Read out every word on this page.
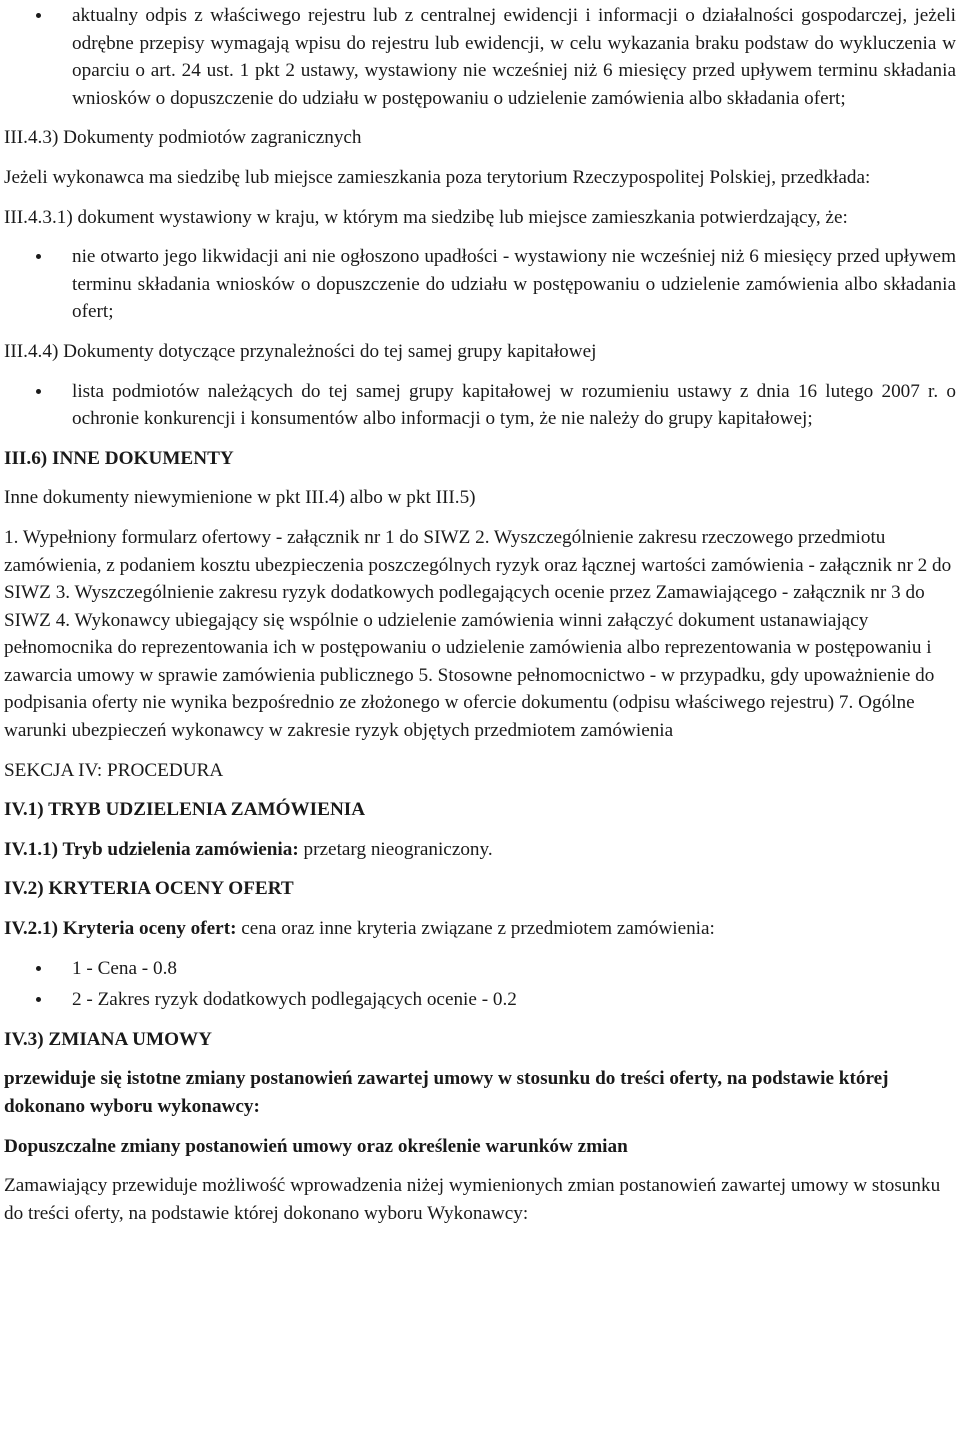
aktualny odpis z właściwego rejestru lub z centralnej ewidencji i informacji o działalności gospodarczej, jeżeli odrębne przepisy wymagają wpisu do rejestru lub ewidencji, w celu wykazania braku podstaw do wykluczenia w oparciu o art. 24 ust. 1 pkt 2 ustawy, wystawiony nie wcześniej niż 6 miesięcy przed upływem terminu składania wniosków o dopuszczenie do udziału w postępowaniu o udzielenie zamówienia albo składania ofert;

III.4.3) Dokumenty podmiotów zagranicznych

Jeżeli wykonawca ma siedzibę lub miejsce zamieszkania poza terytorium Rzeczypospolitej Polskiej, przedkłada:

III.4.3.1) dokument wystawiony w kraju, w którym ma siedzibę lub miejsce zamieszkania potwierdzający, że:

nie otwarto jego likwidacji ani nie ogłoszono upadłości - wystawiony nie wcześniej niż 6 miesięcy przed upływem terminu składania wniosków o dopuszczenie do udziału w postępowaniu o udzielenie zamówienia albo składania ofert;

III.4.4) Dokumenty dotyczące przynależności do tej samej grupy kapitałowej

lista podmiotów należących do tej samej grupy kapitałowej w rozumieniu ustawy z dnia 16 lutego 2007 r. o ochronie konkurencji i konsumentów albo informacji o tym, że nie należy do grupy kapitałowej;

III.6) INNE DOKUMENTY

Inne dokumenty niewymienione w pkt III.4) albo w pkt III.5)

1. Wypełniony formularz ofertowy - załącznik nr 1 do SIWZ 2. Wyszczególnienie zakresu rzeczowego przedmiotu zamówienia, z podaniem kosztu ubezpieczenia poszczególnych ryzyk oraz łącznej wartości zamówienia - załącznik nr 2 do SIWZ 3. Wyszczególnienie zakresu ryzyk dodatkowych podlegających ocenie przez Zamawiającego - załącznik nr 3 do SIWZ 4. Wykonawcy ubiegający się wspólnie o udzielenie zamówienia winni załączyć dokument ustanawiający pełnomocnika do reprezentowania ich w postępowaniu o udzielenie zamówienia albo reprezentowania w postępowaniu i zawarcia umowy w sprawie zamówienia publicznego 5. Stosowne pełnomocnictwo - w przypadku, gdy upoważnienie do podpisania oferty nie wynika bezpośrednio ze złożonego w ofercie dokumentu (odpisu właściwego rejestru) 7. Ogólne warunki ubezpieczeń wykonawcy w zakresie ryzyk objętych przedmiotem zamówienia

SEKCJA IV: PROCEDURA

IV.1) TRYB UDZIELENIA ZAMÓWIENIA

IV.1.1) Tryb udzielenia zamówienia: przetarg nieograniczony.

IV.2) KRYTERIA OCENY OFERT

IV.2.1) Kryteria oceny ofert: cena oraz inne kryteria związane z przedmiotem zamówienia:

1 - Cena - 0.8
2 - Zakres ryzyk dodatkowych podlegających ocenie - 0.2

IV.3) ZMIANA UMOWY

przewiduje się istotne zmiany postanowień zawartej umowy w stosunku do treści oferty, na podstawie której dokonano wyboru wykonawcy:

Dopuszczalne zmiany postanowień umowy oraz określenie warunków zmian

Zamawiający przewiduje możliwość wprowadzenia niżej wymienionych zmian postanowień zawartej umowy w stosunku do treści oferty, na podstawie której dokonano wyboru Wykonawcy:
